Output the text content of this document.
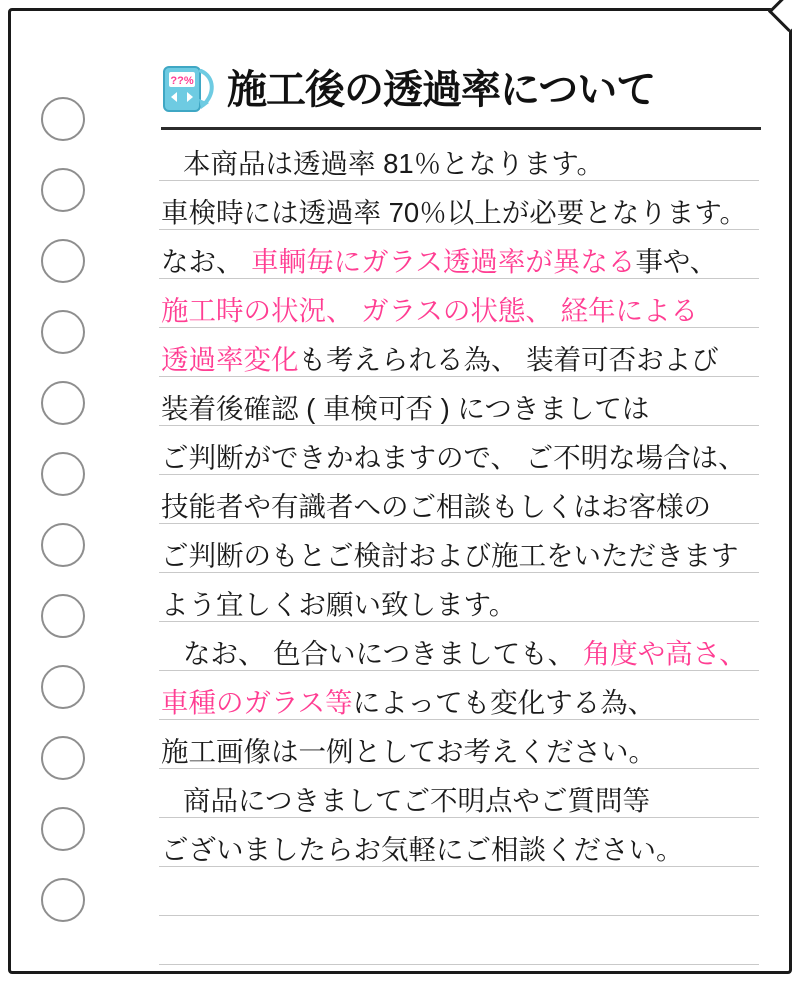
??% 施工後の透過率について
本商品は透過率 81％となります。
車検時には透過率 70％以上が必要となります。
なお、 車輌毎にガラス透過率が異なる事や、
施工時の状況、 ガラスの状態、 経年による
透過率変化も考えられる為、 装着可否および
装着後確認 ( 車検可否 ) につきましては
ご判断ができかねますので、 ご不明な場合は、
技能者や有識者へのご相談もしくはお客様の
ご判断のもとご検討および施工をいただきます
よう宜しくお願い致します。
なお、 色合いにつきましても、 角度や高さ、
車種のガラス等によっても変化する為、
施工画像は一例としてお考えください。
商品につきましてご不明点やご質問等
ございましたらお気軽にご相談ください。
